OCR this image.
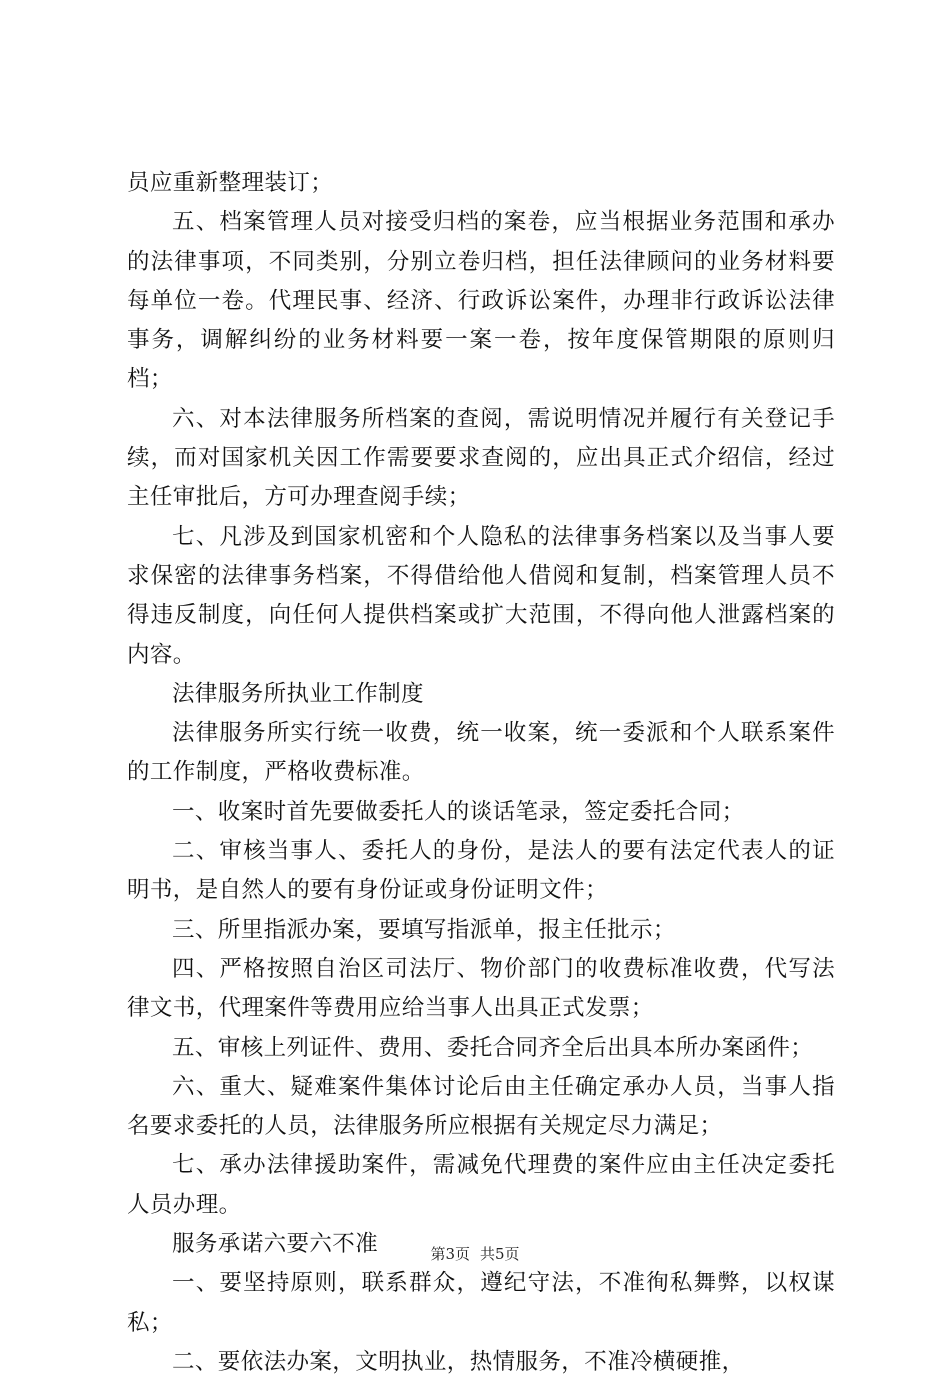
员应重新整理装订；

五、档案管理人员对接受归档的案卷，应当根据业务范围和承办的法律事项，不同类别，分别立卷归档，担任法律顾问的业务材料要每单位一卷。代理民事、经济、行政诉讼案件，办理非行政诉讼法律事务，调解纠纷的业务材料要一案一卷，按年度保管期限的原则归档；

六、对本法律服务所档案的查阅，需说明情况并履行有关登记手续，而对国家机关因工作需要要求查阅的，应出具正式介绍信，经过主任审批后，方可办理查阅手续；

七、凡涉及到国家机密和个人隐私的法律事务档案以及当事人要求保密的法律事务档案，不得借给他人借阅和复制，档案管理人员不得违反制度，向任何人提供档案或扩大范围，不得向他人泄露档案的内容。

法律服务所执业工作制度

法律服务所实行统一收费，统一收案，统一委派和个人联系案件的工作制度，严格收费标准。

一、收案时首先要做委托人的谈话笔录，签定委托合同；

二、审核当事人、委托人的身份，是法人的要有法定代表人的证明书，是自然人的要有身份证或身份证明文件；

三、所里指派办案，要填写指派单，报主任批示；

四、严格按照自治区司法厅、物价部门的收费标准收费，代写法律文书，代理案件等费用应给当事人出具正式发票；

五、审核上列证件、费用、委托合同齐全后出具本所办案函件；

六、重大、疑难案件集体讨论后由主任确定承办人员，当事人指名要求委托的人员，法律服务所应根据有关规定尽力满足；

七、承办法律援助案件，需减免代理费的案件应由主任决定委托人员办理。

服务承诺六要六不准

一、要坚持原则，联系群众，遵纪守法，不准徇私舞弊，以权谋私；

二、要依法办案，文明执业，热情服务，不准冷横硬推，

第3页 共5页
